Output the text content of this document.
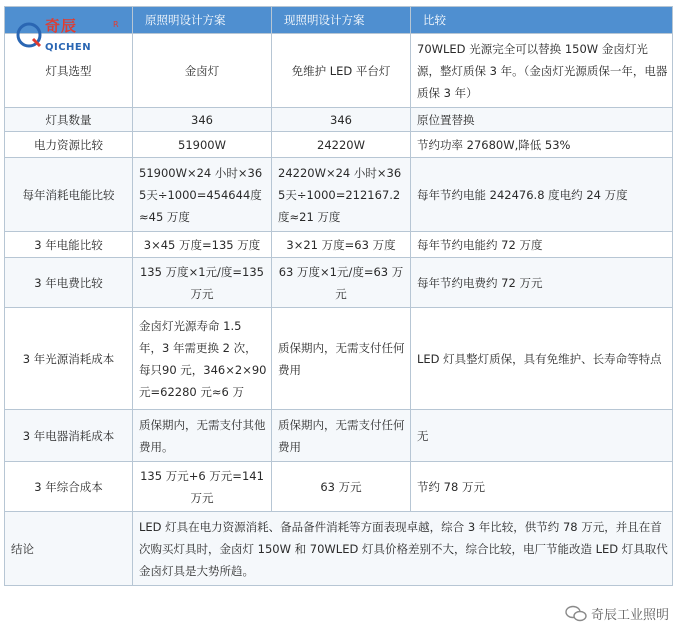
奇辰
QICHEN
R	原照明设计方案	现照明设计方案	比较
灯具选型	金卤灯	免维护 LED 平台灯	70WLED 光源完全可以替换 150W 金卤灯光源，整灯质保 3 年。（金卤灯光源质保一年，电器质保 3 年）
灯具数量	346	346	原位置替换
电力资源比较	51900W	24220W	节约功率 27680W,降低 53%
每年消耗电能比较	51900W×24 小时×365天÷1000=454644度≈45 万度	24220W×24 小时×365天÷1000=212167.2 度≈21 万度	每年节约电能 242476.8 度电约 24 万度
3 年电能比较	3×45 万度=135 万度	3×21 万度=63 万度	每年节约电能约 72 万度
3 年电费比较	135 万度×1元/度=135万元	63 万度×1元/度=63 万元	每年节约电费约 72 万元
3 年光源消耗成本	金卤灯光源寿命 1.5 年，3 年需更换 2 次，每只90 元，346×2×90 元=62280 元≈6 万	质保期内，无需支付任何费用	LED 灯具整灯质保，具有免维护、长寿命等特点
3 年电器消耗成本	质保期内，无需支付其他费用。	质保期内，无需支付任何费用	无
3 年综合成本	135 万元+6 万元=141万元	63 万元	节约 78 万元
结论	LED 灯具在电力资源消耗、备品备件消耗等方面表现卓越，综合 3 年比较，供节约 78 万元，并且在首次购买灯具时，金卤灯 150W 和 70WLED 灯具价格差别不大，综合比较，电厂节能改造 LED 灯具取代金卤灯具是大势所趋。		
奇辰工业照明
